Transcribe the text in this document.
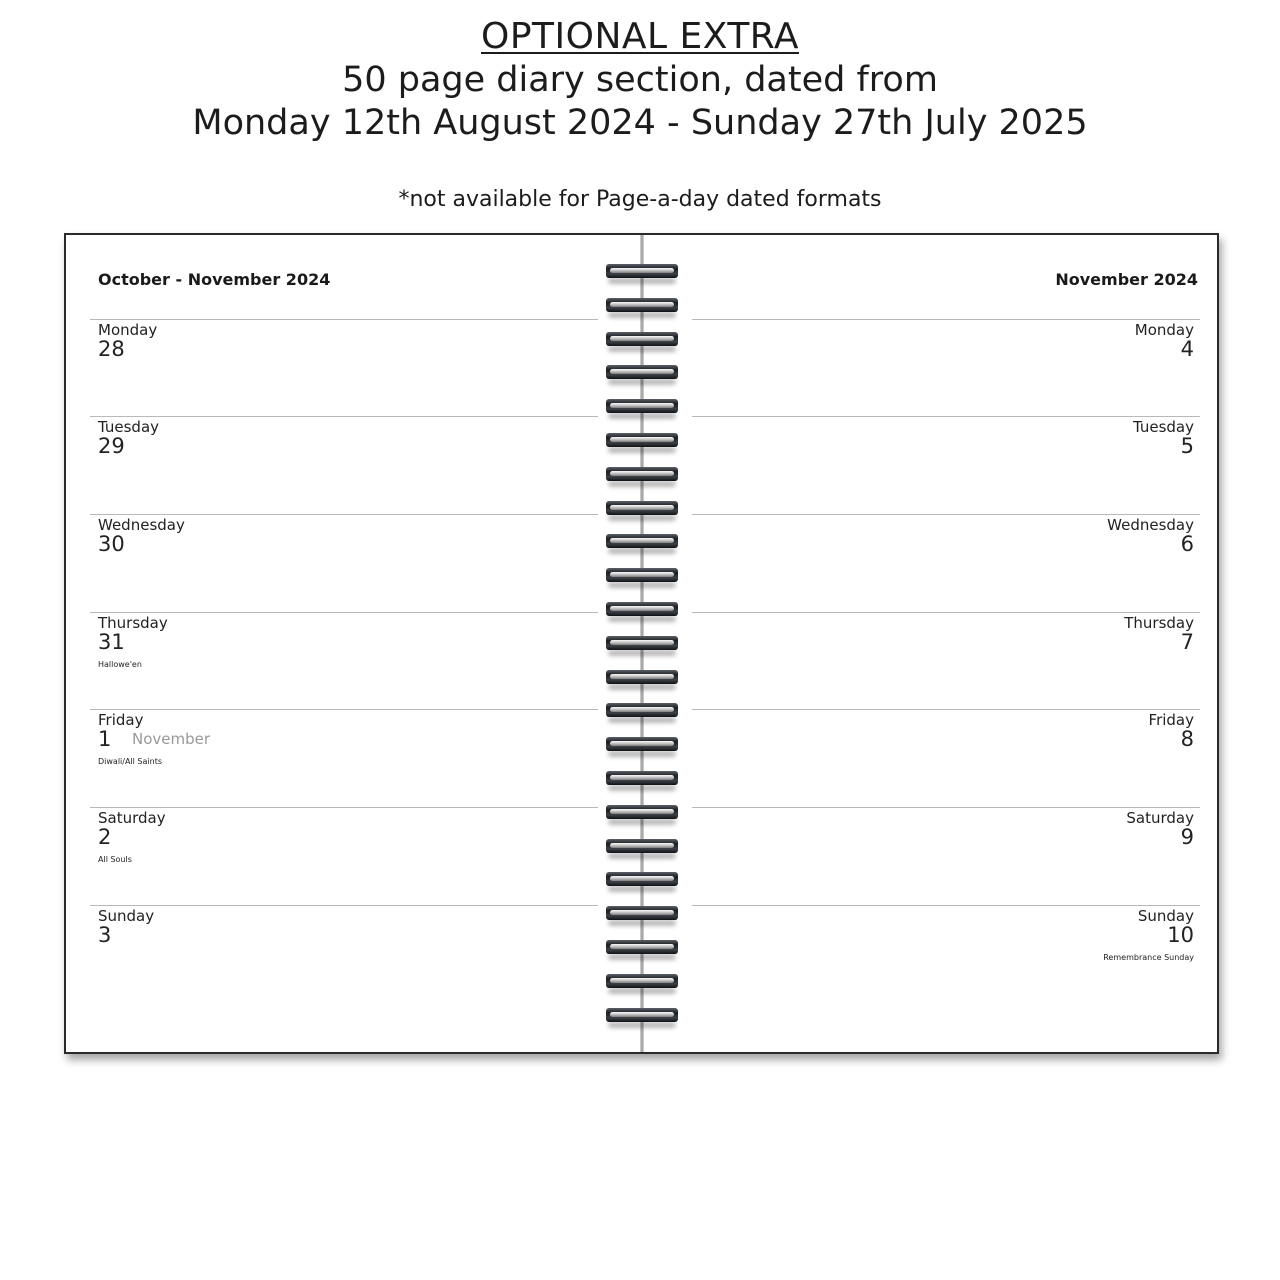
OPTIONAL EXTRA
50 page diary section, dated from
Monday 12th August 2024 - Sunday 27th July 2025
*not available for Page-a-day dated formats
October - November 2024	November 2024
Monday
28
Tuesday
29
Wednesday
30
Thursday
31
Hallowe'en
Friday
1 November
Diwali/All Saints
Saturday
2
All Souls
Sunday
3
Monday
4
Tuesday
5
Wednesday
6
Thursday
7
Friday
8
Saturday
9
Sunday
10
Remembrance Sunday
